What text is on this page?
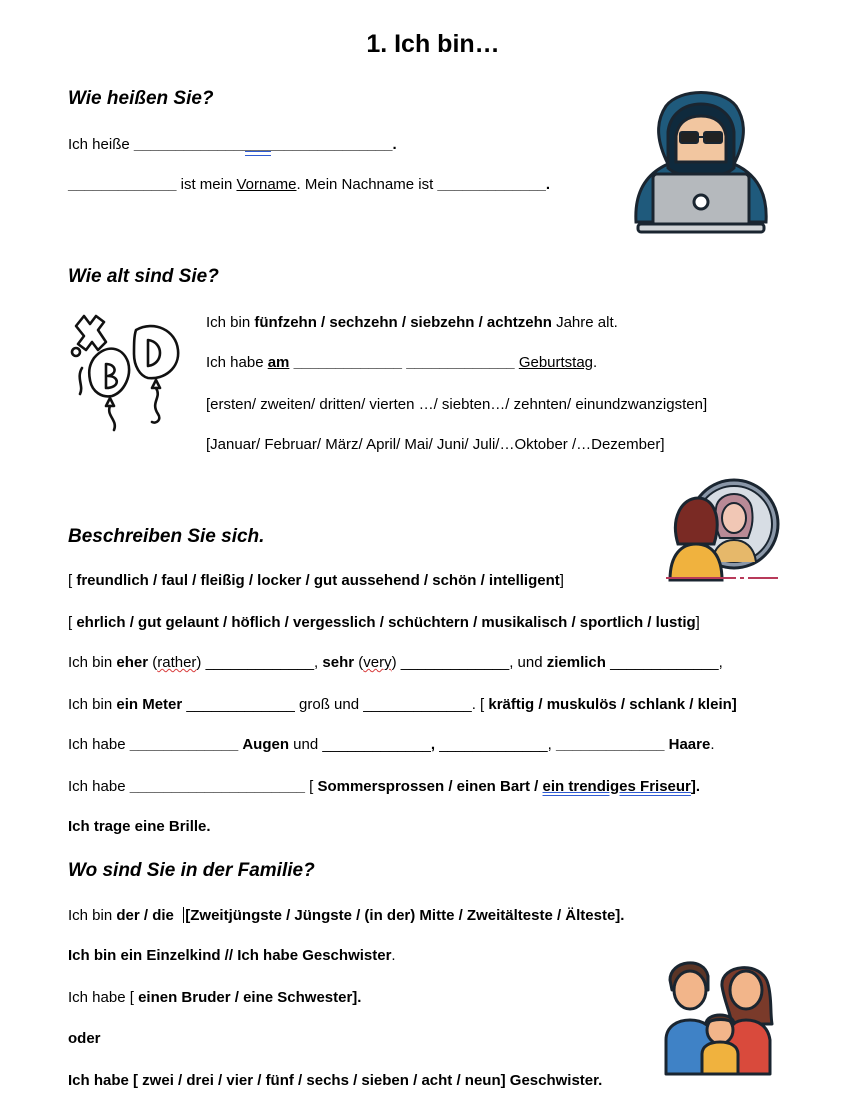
1. Ich bin…
Wie heißen Sie?
Ich heiße _______________________________.
_____________ ist mein Vorname. Mein Nachname ist _____________.
Wie alt sind Sie?
Ich bin fünfzehn / sechzehn / siebzehn / achtzehn Jahre alt.
Ich habe am _____________ _____________ Geburtstag.
[ersten/ zweiten/ dritten/ vierten …/ siebten…/ zehnten/ einundzwanzigsten]
[Januar/ Februar/ März/ April/ Mai/ Juni/ Juli/…Oktober /…Dezember]
Beschreiben Sie sich.
[ freundlich / faul / fleißig / locker / gut aussehend / schön / intelligent]
[ ehrlich / gut gelaunt / höflich / vergesslich / schüchtern / musikalisch / sportlich / lustig]
Ich bin eher (rather) _____________, sehr (very) _____________, und ziemlich _____________,
Ich bin ein Meter _____________ groß und _____________. [ kräftig / muskulös / schlank / klein]
Ich habe _____________ Augen und _____________, _____________, _____________ Haare.
Ich habe _____________________ [ Sommersprossen / einen Bart / ein trendiges Friseur].
Ich trage eine Brille.
Wo sind Sie in der Familie?
Ich bin der / die [Zweitjüngste / Jüngste / (in der) Mitte / Zweitälteste / Älteste].
Ich bin ein Einzelkind // Ich habe Geschwister.
Ich habe [ einen Bruder / eine Schwester].
oder
Ich habe [ zwei / drei / vier / fünf / sechs / sieben / acht / neun] Geschwister.
